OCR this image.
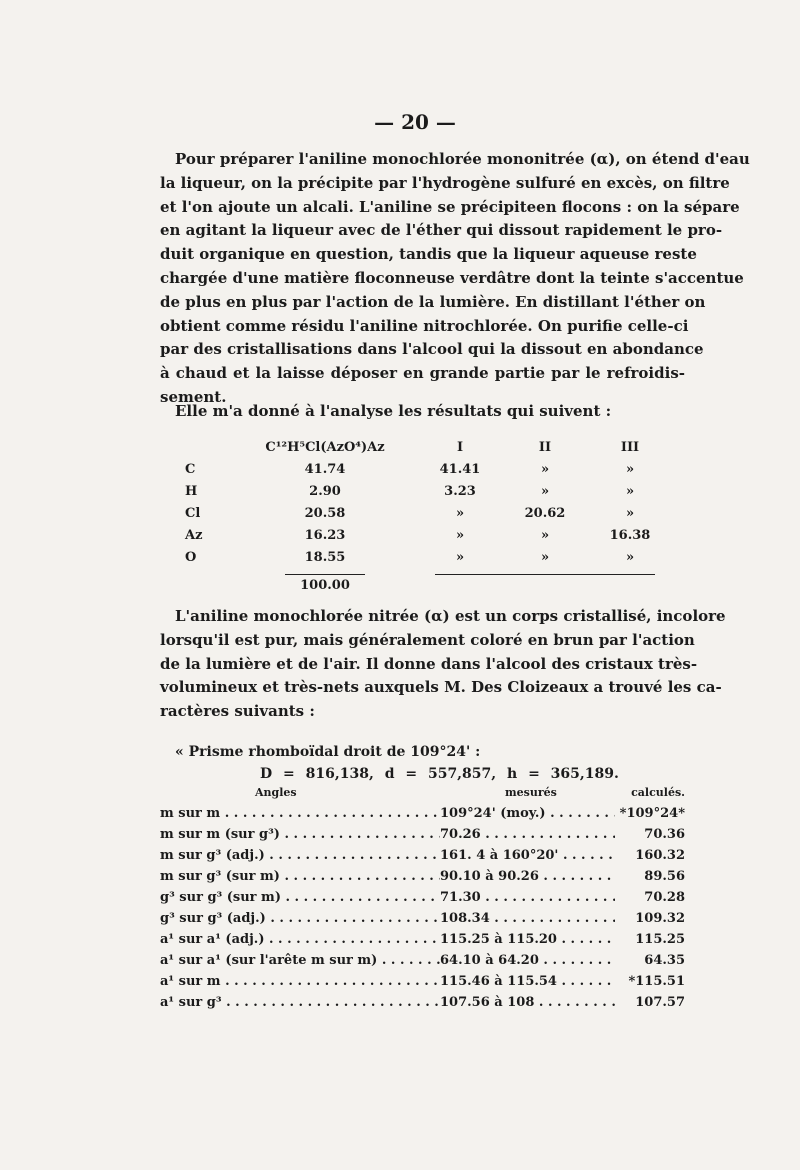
— 20 —
Pour préparer l'aniline monochlorée mononitrée (α), on étend d'eau
la liqueur, on la précipite par l'hydrogène sulfuré en excès, on filtre
et l'on ajoute un alcali. L'aniline se précipiteen flocons : on la sépare
en agitant la liqueur avec de l'éther qui dissout rapidement le pro-
duit organique en question, tandis que la liqueur aqueuse reste
chargée d'une matière floconneuse verdâtre dont la teinte s'accentue
de plus en plus par l'action de la lumière. En distillant l'éther on
obtient comme résidu l'aniline nitrochlorée. On purifie celle-ci
par des cristallisations dans l'alcool qui la dissout en abondance
à chaud et la laisse déposer en grande partie par le refroidis-
sement.
Elle m'a donné à l'analyse les résultats qui suivent :
C¹²H⁵Cl(AzO⁴)Az	I	II	III
C	41.74	41.41	»	»
H	2.90	3.23	»	»
Cl	20.58	»	20.62	»
Az	16.23	»	»	16.38
O	18.55	»	»	»
100.00
L'aniline monochlorée nitrée (α) est un corps cristallisé, incolore
lorsqu'il est pur, mais généralement coloré en brun par l'action
de la lumière et de l'air. Il donne dans l'alcool des cristaux très-
volumineux et très-nets auxquels M. Des Cloizeaux a trouvé les ca-
ractères suivants :
« Prisme rhomboïdal droit de 109°24' :
D = 816,138, d = 557,857, h = 365,189.
Angles	mesurés	calculés.
m sur m . . .	109°24' (moy.) . . .	*109°24*
m sur m (sur g³) . . .	70.26 . . .	70.36
m sur g³ (adj.) . . .	161. 4 à 160°20' . . .	160.32
m sur g³ (sur m) . . .	90.10 à 90.26 . . .	89.56
g³ sur g³ (sur m) . . .	71.30 . . .	70.28
g³ sur g³ (adj.) . . .	108.34 . . .	109.32
a¹ sur a¹ (adj.) . . .	115.25 à 115.20 . . .	115.25
a¹ sur a¹ (sur l'arête m sur m) . . .	64.10 à 64.20 . . .	64.35
a¹ sur m . . .	115.46 à 115.54 . . .	*115.51
a¹ sur g³ . . .	107.56 à 108 . . .	107.57
